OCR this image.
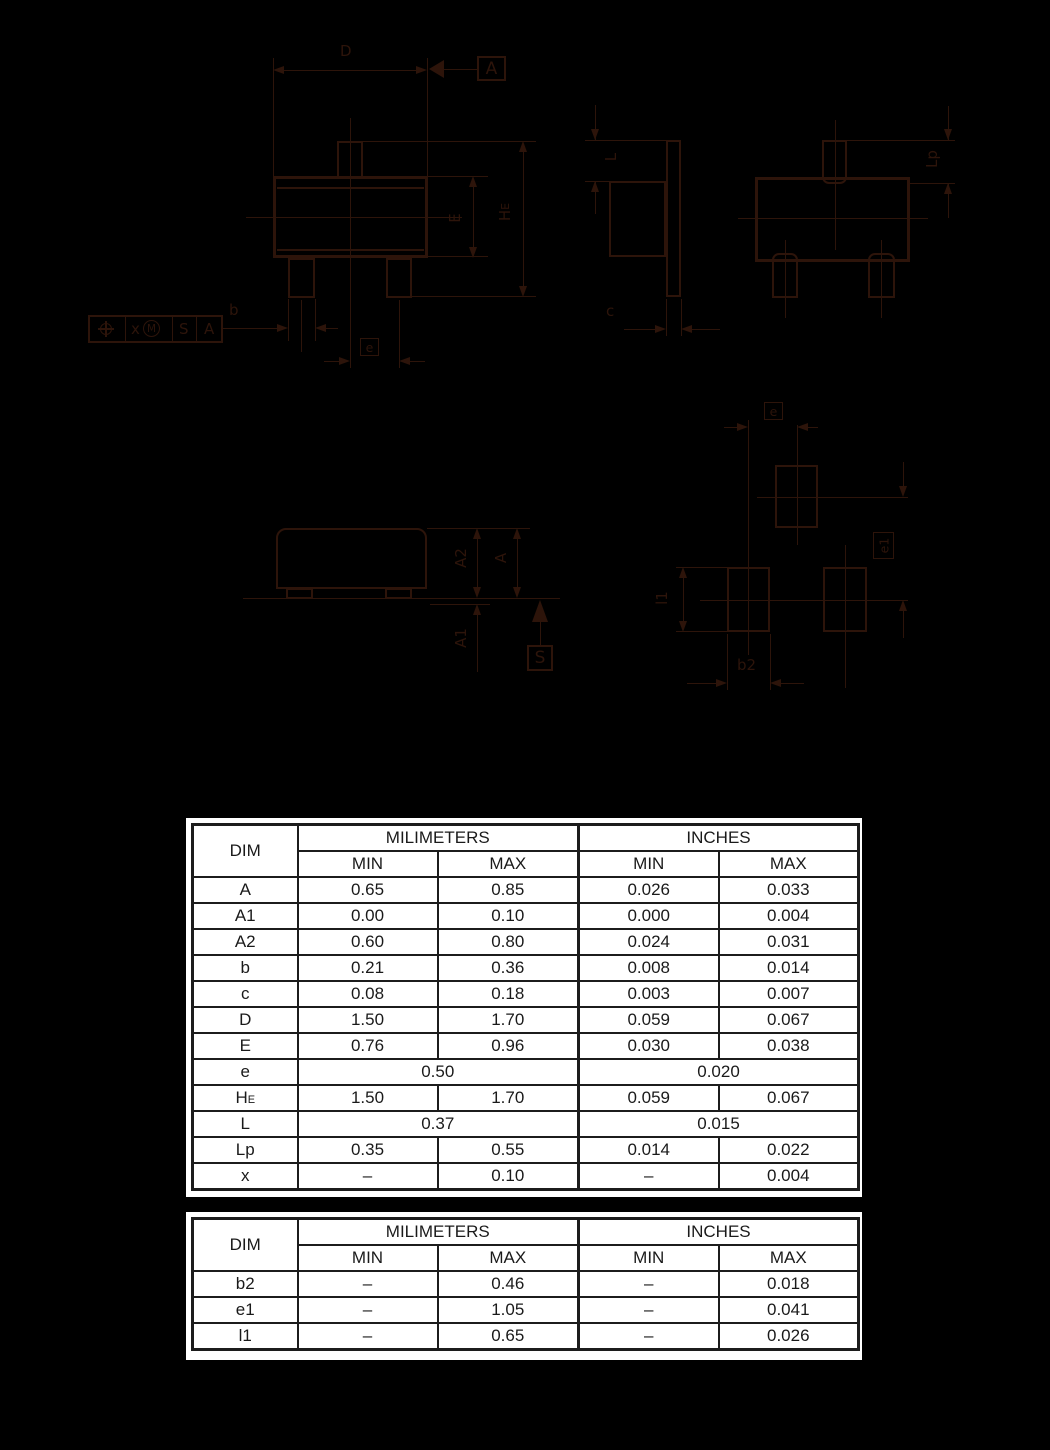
D
A
b
x M S A
e
E H
E
L
c
Lp
A2	A
A1
S
e
e1
l1
b2
DIM	MILIMETERS		INCHES	
	MIN	MAX	MIN	MAX
A	0.65	0.85	0.026	0.033
A1	0.00	0.10	0.000	0.004
A2	0.60	0.80	0.024	0.031
b	0.21	0.36	0.008	0.014
c	0.08	0.18	0.003	0.007
D	1.50	1.70	0.059	0.067
E	0.76	0.96	0.030	0.038
e	0.50		0.020	
HE	1.50	1.70	0.059	0.067
L	0.37		0.015	
Lp	0.35	0.55	0.014	0.022
x	–	0.10	–	0.004
DIM	MILIMETERS		INCHES	
	MIN	MAX	MIN	MAX
b2	–	0.46	–	0.018
e1	–	1.05	–	0.041
l1	–	0.65	–	0.026
